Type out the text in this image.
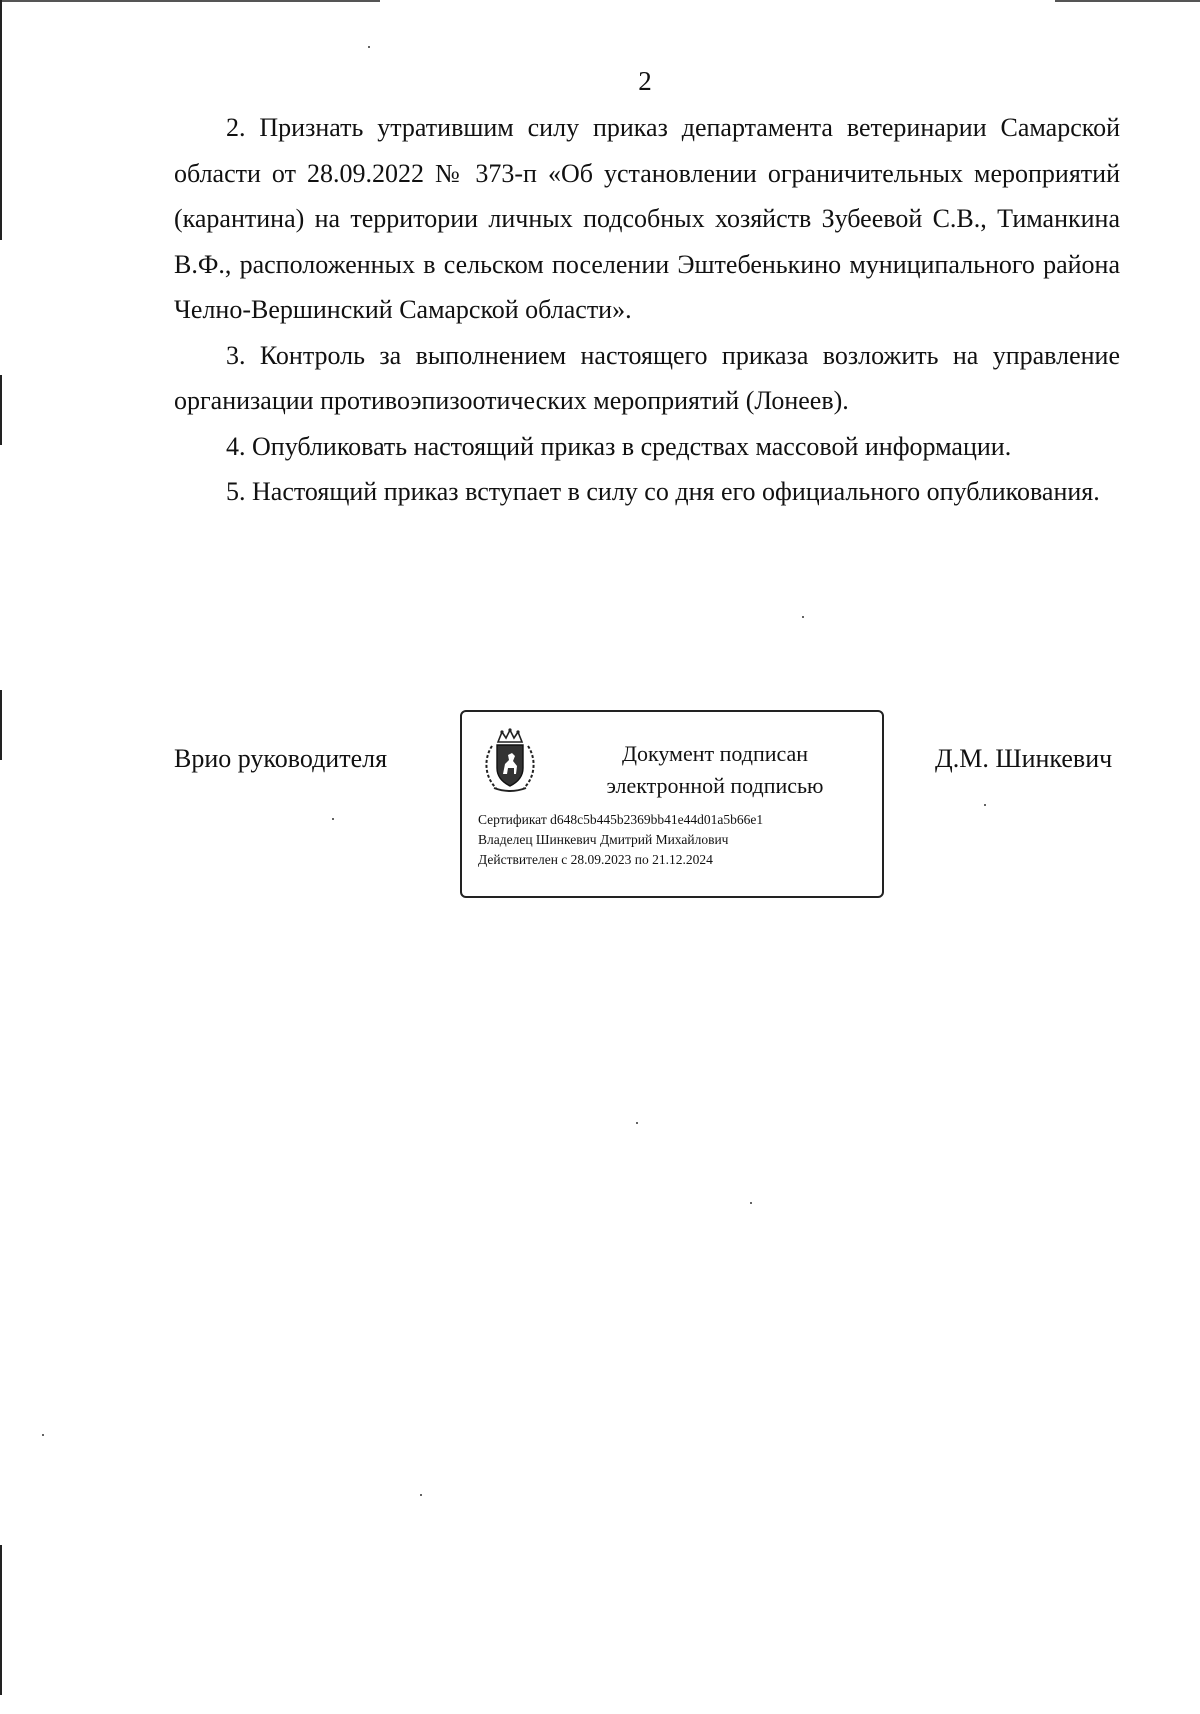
2

2. Признать утратившим силу приказ департамента ветеринарии Самарской области от 28.09.2022 № 373-п «Об установлении ограничительных мероприятий (карантина) на территории личных подсобных хозяйств Зубеевой С.В., Тиманкина В.Ф., расположенных в сельском поселении Эштебенькино муниципального района Челно-Вершинский Самарской области».

3. Контроль за выполнением настоящего приказа возложить на управление организации противоэпизоотических мероприятий (Лонеев).

4. Опубликовать настоящий приказ в средствах массовой информации.

5. Настоящий приказ вступает в силу со дня его официального опубликования.

Врио руководителя	Документ подписан
электронной подписью
Сертификат d648c5b445b2369bb41e44d01a5b66e1
Владелец Шинкевич Дмитрий Михайлович
Действителен с 28.09.2023 по 21.12.2024
Д.М. Шинкевич
